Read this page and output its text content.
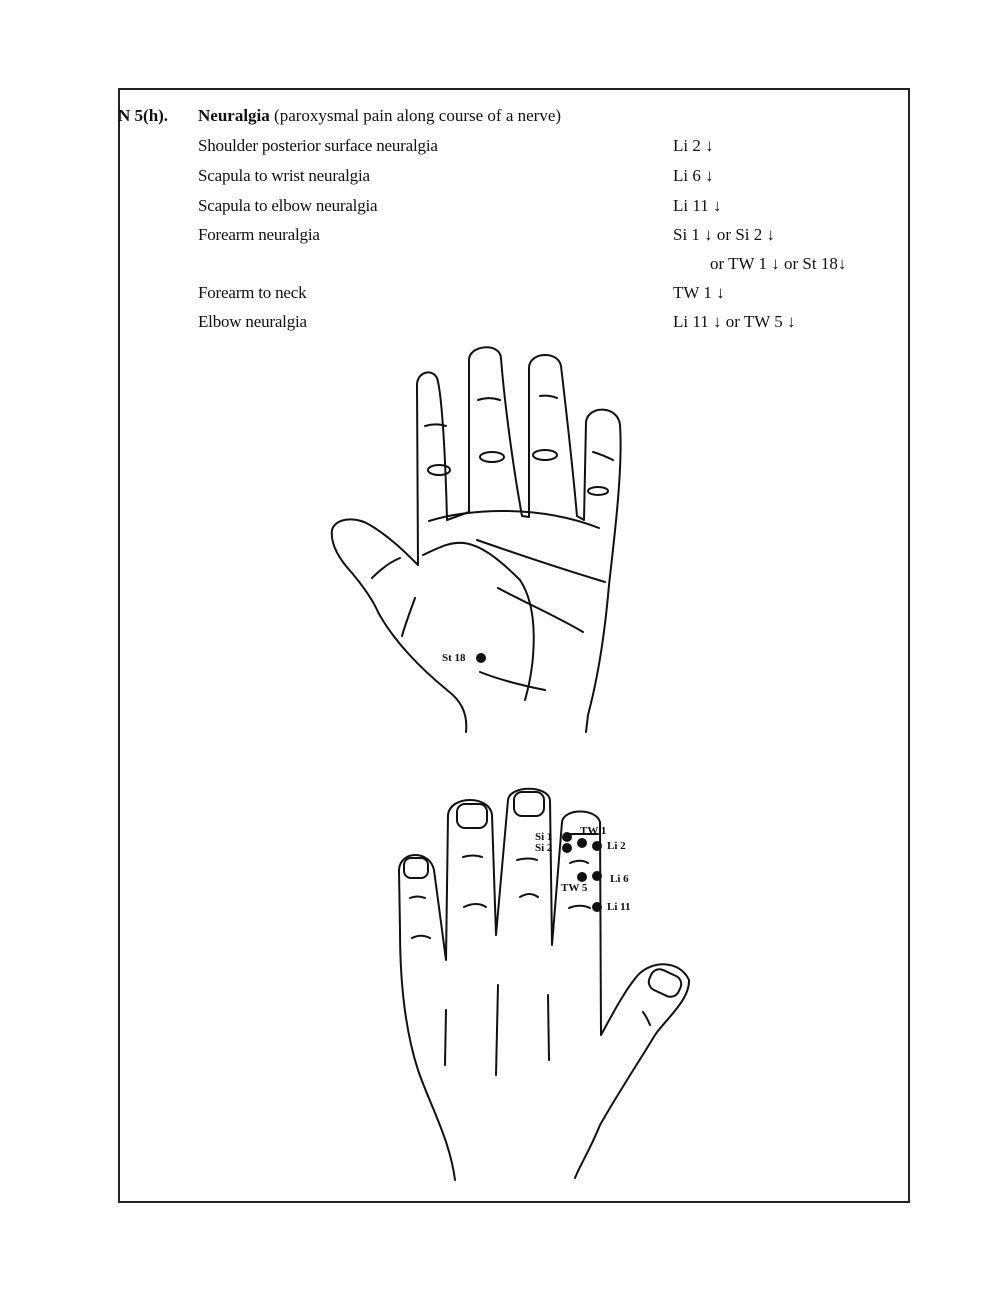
N 5(h). Neuralgia (paroxysmal pain along course of a nerve)
Shoulder posterior surface neuralgia	Li 2 ↓
Scapula to wrist neuralgia	Li 6 ↓
Scapula to elbow neuralgia	Li 11 ↓
Forearm neuralgia	Si 1 ↓ or Si 2 ↓
or TW 1 ↓ or St 18↓
Forearm to neck	TW 1 ↓
Elbow neuralgia	Li 11 ↓ or TW 5 ↓
St 18
Si 1
Si 2
TW 1
Li 2
Li 6
TW 5
Li 11
